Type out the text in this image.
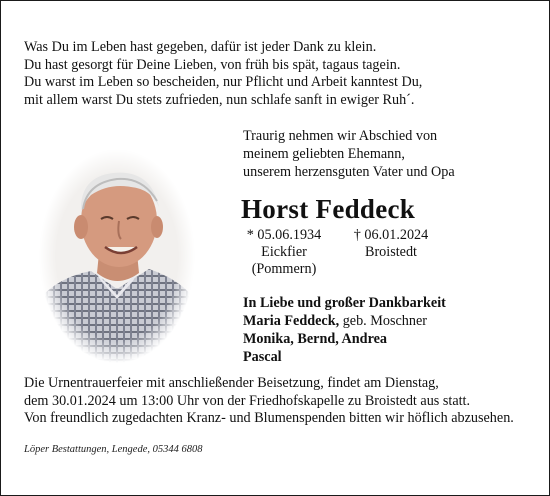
Was Du im Leben hast gegeben, dafür ist jeder Dank zu klein.
Du hast gesorgt für Deine Lieben, von früh bis spät, tagaus tagein.
Du warst im Leben so bescheiden, nur Pflicht und Arbeit kanntest Du,
mit allem warst Du stets zufrieden, nun schlafe sanft in ewiger Ruh´.
Traurig nehmen wir Abschied von
meinem geliebten Ehemann,
unserem herzensguten Vater und Opa
Horst Feddeck
* 05.06.1934
Eickfier
(Pommern)
† 06.01.2024
Broistedt
In Liebe und großer Dankbarkeit
Maria Feddeck, geb. Moschner
Monika, Bernd, Andrea
Pascal
Die Urnentrauerfeier mit anschließender Beisetzung, findet am Dienstag,
dem 30.01.2024 um 13:00 Uhr von der Friedhofskapelle zu Broistedt aus statt.
Von freundlich zugedachten Kranz- und Blumenspenden bitten wir höflich abzusehen.
Löper Bestattungen, Lengede, 05344 6808
